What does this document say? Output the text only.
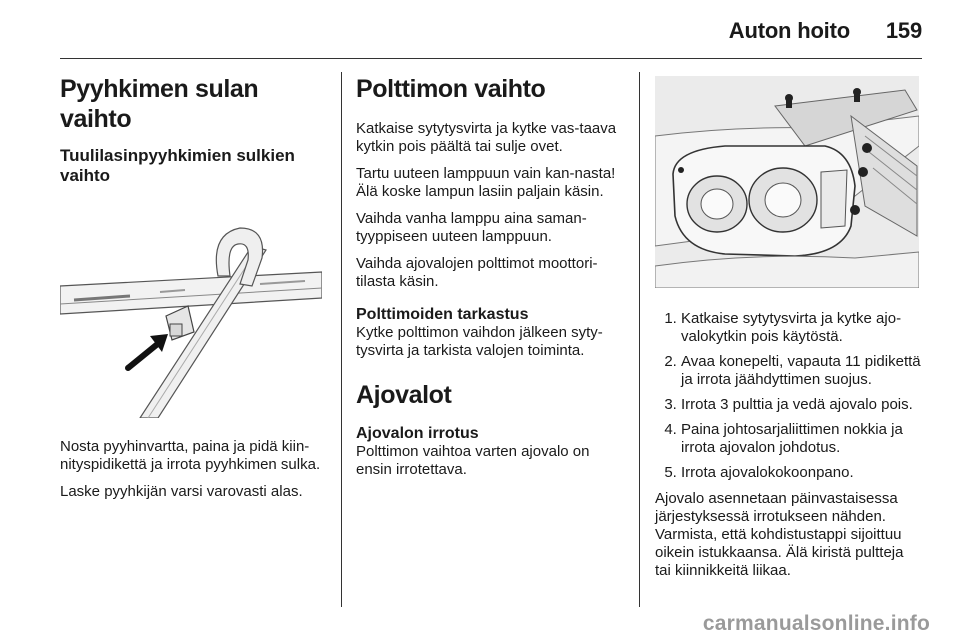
Auton hoito 159
Pyyhkimen sulan vaihto
Tuulilasinpyyhkimien sulkien vaihto

Nosta pyyhinvartta, paina ja pidä kiin-nityspidikettä ja irrota pyyhkimen sulka.

Laske pyyhkijän varsi varovasti alas.

Polttimon vaihto

Katkaise sytytysvirta ja kytke vas-taava kytkin pois päältä tai sulje ovet.

Tartu uuteen lamppuun vain kan-nasta! Älä koske lampun lasiin paljain käsin.

Vaihda vanha lamppu aina saman-tyyppiseen uuteen lamppuun.

Vaihda ajovalojen polttimot moottori-tilasta käsin.

Polttimoiden tarkastus

Kytke polttimon vaihdon jälkeen syty-tysvirta ja tarkista valojen toiminta.

Ajovalot
Ajovalon irrotus

Polttimon vaihtoa varten ajovalo on ensin irrotettava.

1. Katkaise sytytysvirta ja kytke ajo-valokytkin pois käytöstä.
2. Avaa konepelti, vapauta 11 pidikettä ja irrota jäähdyttimen suojus.
3. Irrota 3 pulttia ja vedä ajovalo pois.
4. Paina johtosarjaliittimen nokkia ja irrota ajovalon johdotus.
5. Irrota ajovalokokoonpano.

Ajovalo asennetaan päinvastaisessa järjestyksessä irrotukseen nähden. Varmista, että kohdistustappi sijoittuu oikein istukkaansa. Älä kiristä pultteja tai kiinnikkeitä liikaa.

carmanualsonline.info
